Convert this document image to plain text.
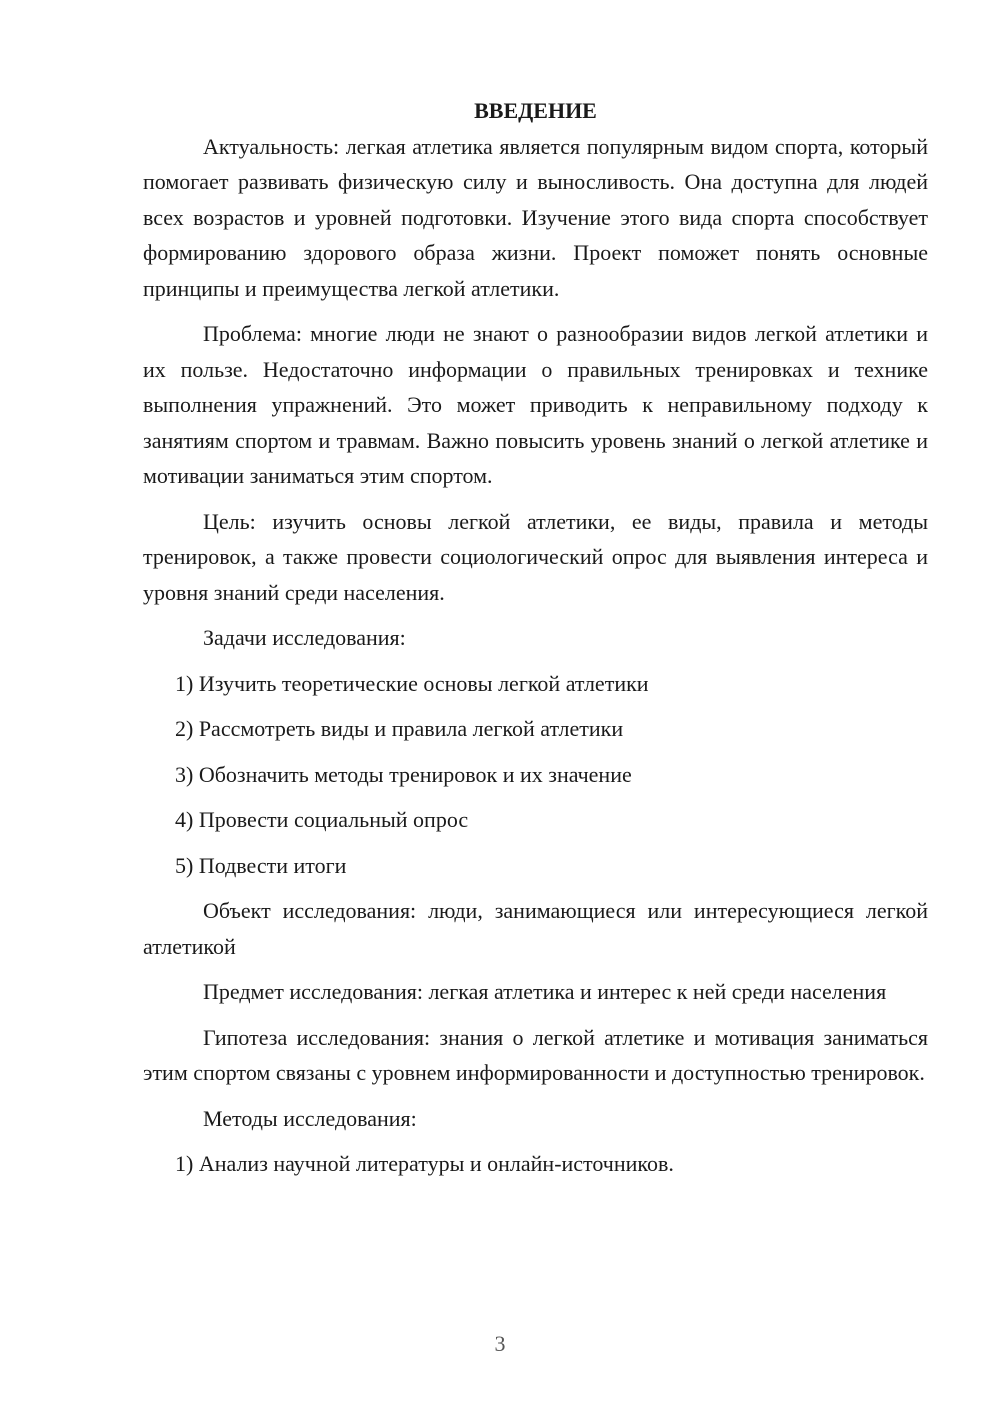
ВВЕДЕНИЕ

Актуальность: легкая атлетика является популярным видом спорта, который помогает развивать физическую силу и выносливость. Она доступна для людей всех возрастов и уровней подготовки. Изучение этого вида спорта способствует формированию здорового образа жизни. Проект поможет понять основные принципы и преимущества легкой атлетики.

Проблема: многие люди не знают о разнообразии видов легкой атлетики и их пользе. Недостаточно информации о правильных тренировках и технике выполнения упражнений. Это может приводить к неправильному подходу к занятиям спортом и травмам. Важно повысить уровень знаний о легкой атлетике и мотивации заниматься этим спортом.

Цель: изучить основы легкой атлетики, ее виды, правила и методы тренировок, а также провести социологический опрос для выявления интереса и уровня знаний среди населения.

Задачи исследования:

1) Изучить теоретические основы легкой атлетики
2) Рассмотреть виды и правила легкой атлетики
3) Обозначить методы тренировок и их значение
4) Провести социальный опрос
5) Подвести итоги

Объект исследования: люди, занимающиеся или интересующиеся легкой атлетикой

Предмет исследования: легкая атлетика и интерес к ней среди населения

Гипотеза исследования: знания о легкой атлетике и мотивация заниматься этим спортом связаны с уровнем информированности и доступностью тренировок.

Методы исследования:

1) Анализ научной литературы и онлайн-источников.
3
